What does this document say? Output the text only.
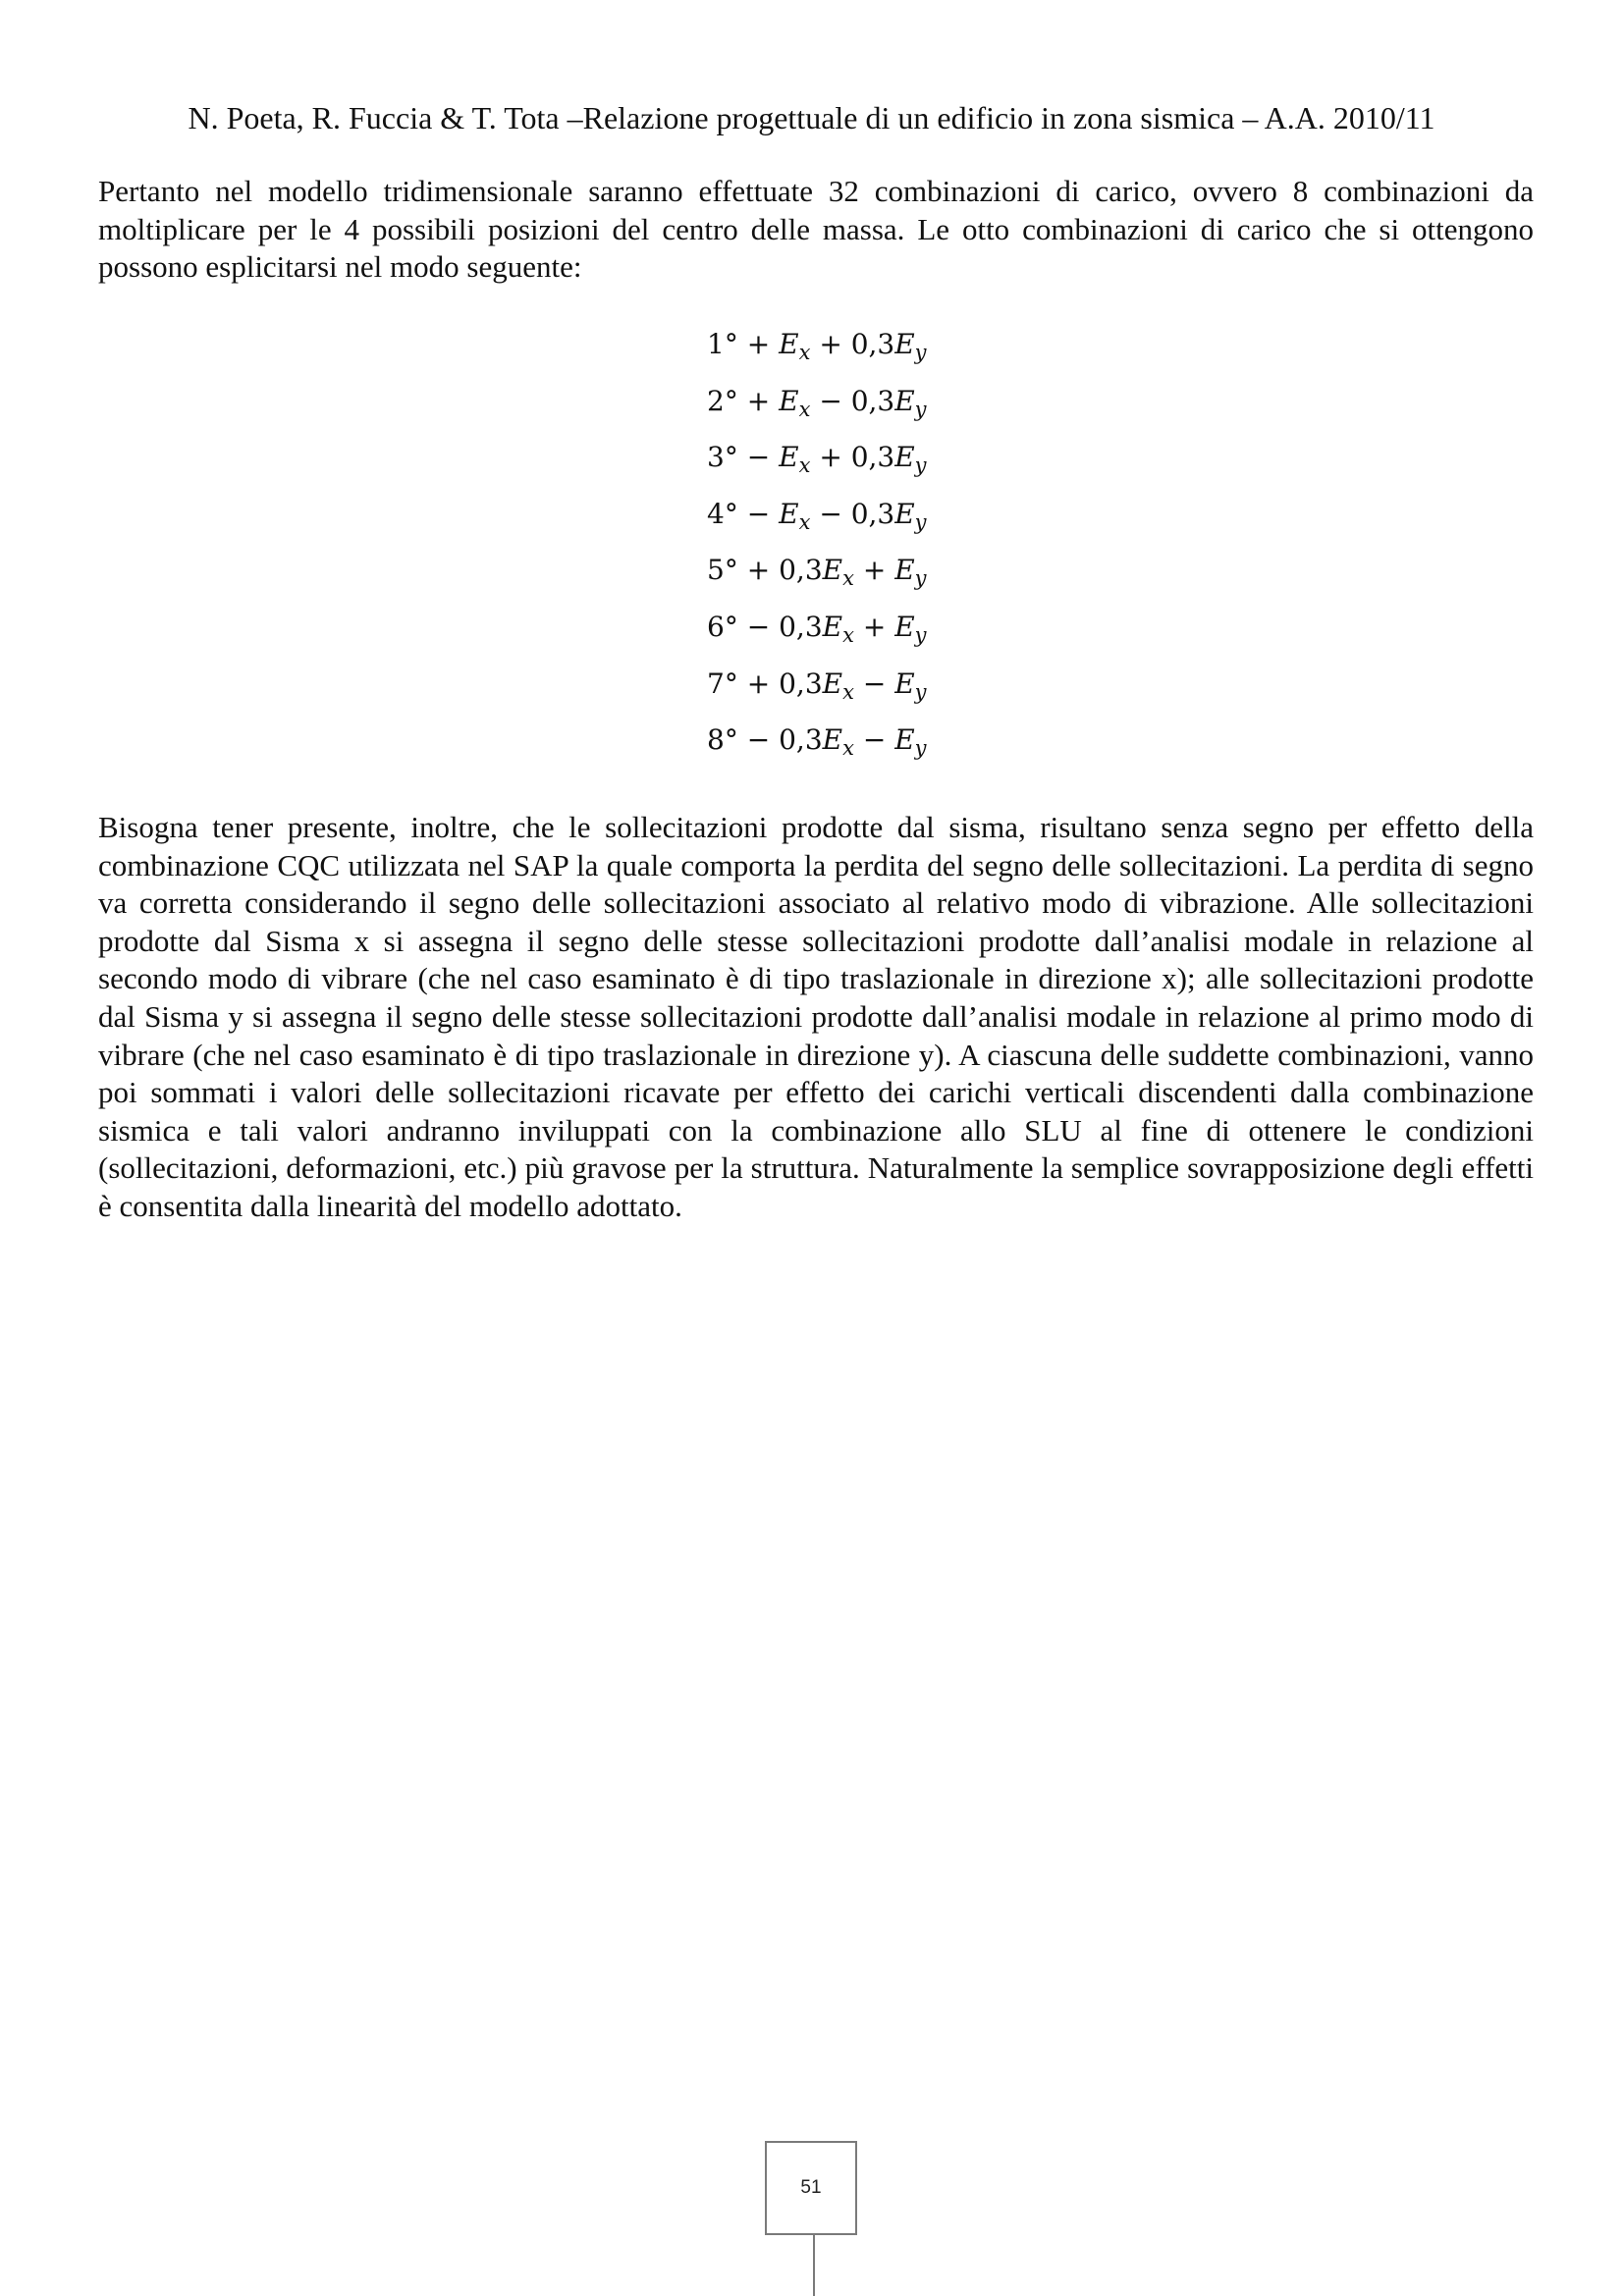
N. Poeta, R. Fuccia & T. Tota –Relazione progettuale di un edificio in zona sismica – A.A. 2010/11

Pertanto nel modello tridimensionale saranno effettuate 32 combinazioni di carico, ovvero 8 combinazioni da moltiplicare per le 4 possibili posizioni del centro delle massa. Le otto combinazioni di carico che si ottengono possono esplicitarsi nel modo seguente:

$1^\circ + E_x + 0,3E_y$
$2^\circ + E_x - 0,3E_y$
$3^\circ - E_x + 0,3E_y$
$4^\circ - E_x - 0,3E_y$
$5^\circ + 0,3E_x + E_y$
$6^\circ - 0,3E_x + E_y$
$7^\circ + 0,3E_x - E_y$
$8^\circ - 0,3E_x - E_y$

Bisogna tener presente, inoltre, che le sollecitazioni prodotte dal sisma, risultano senza segno per effetto della combinazione CQC utilizzata nel SAP la quale comporta la perdita del segno delle sollecitazioni. La perdita di segno va corretta considerando il segno delle sollecitazioni associato al relativo modo di vibrazione. Alle sollecitazioni prodotte dal Sisma x si assegna il segno delle stesse sollecitazioni prodotte dall’analisi modale in relazione al secondo modo di vibrare (che nel caso esaminato è di tipo traslazionale in direzione x); alle sollecitazioni prodotte dal Sisma y si assegna il segno delle stesse sollecitazioni prodotte dall’analisi modale in relazione al primo modo di vibrare (che nel caso esaminato è di tipo traslazionale in direzione y). A ciascuna delle suddette combinazioni, vanno poi sommati i valori delle sollecitazioni ricavate per effetto dei carichi verticali discendenti dalla combinazione sismica e tali valori andranno inviluppati con la combinazione allo SLU al fine di ottenere le condizioni (sollecitazioni, deformazioni, etc.) più gravose per la struttura. Naturalmente la semplice sovrapposizione degli effetti è consentita dalla linearità del modello adottato.

51
